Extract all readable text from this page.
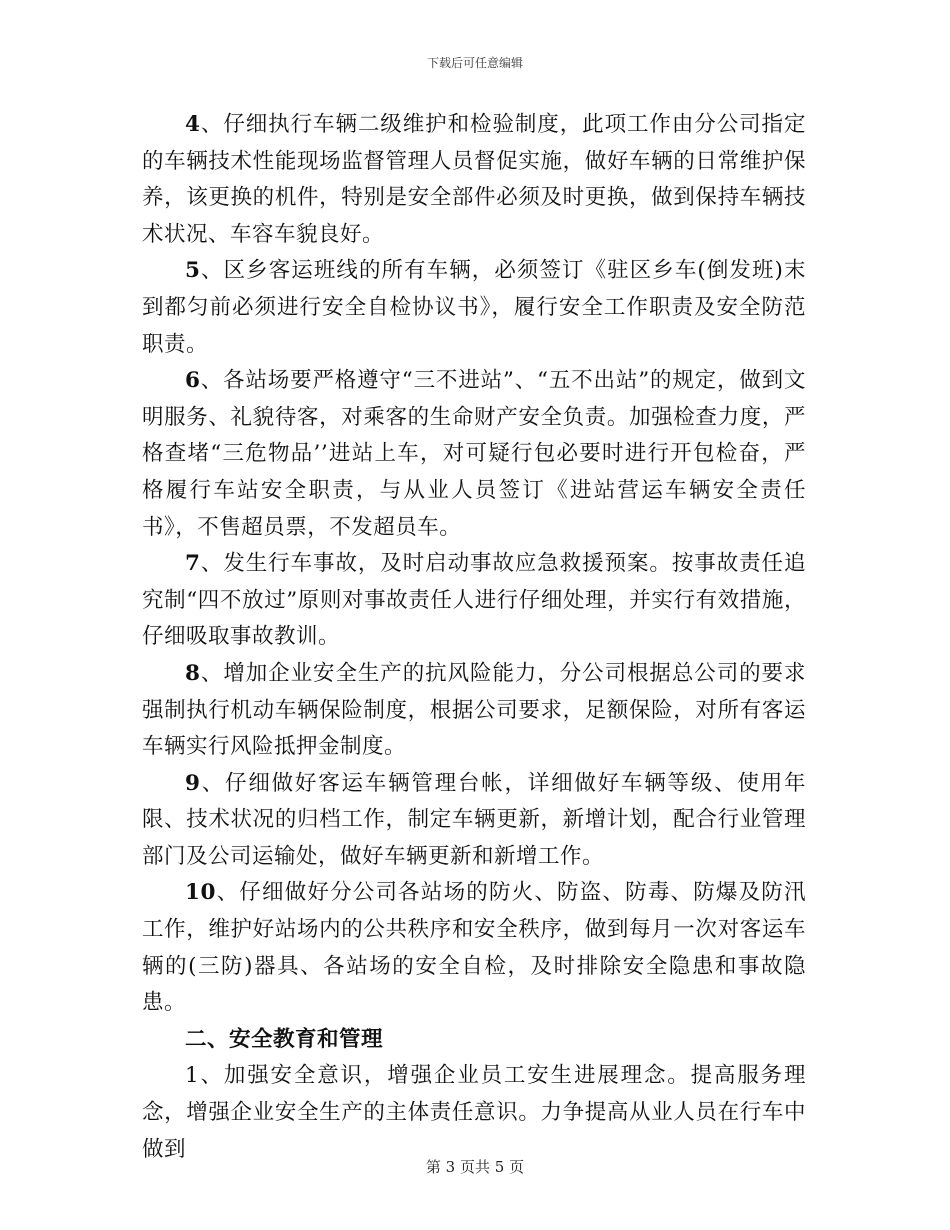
下载后可任意编辑

4、仔细执行车辆二级维护和检验制度，此项工作由分公司指定的车辆技术性能现场监督管理人员督促实施，做好车辆的日常维护保养，该更换的机件，特别是安全部件必须及时更换，做到保持车辆技术状况、车容车貌良好。

5、区乡客运班线的所有车辆，必须签订《驻区乡车(倒发班)末到都匀前必须进行安全自检协议书》，履行安全工作职责及安全防范职责。

6、各站场要严格遵守“三不进站”、“五不出站”的规定，做到文明服务、礼貌待客，对乘客的生命财产安全负责。加强检查力度，严格查堵“三危物品’’进站上车，对可疑行包必要时进行开包检奋，严格履行车站安全职责，与从业人员签订《进站营运车辆安全责任书》，不售超员票，不发超员车。

7、发生行车事故，及时启动事故应急救援预案。按事故责任追究制“四不放过”原则对事故责任人进行仔细处理，并实行有效措施，仔细吸取事故教训。

8、增加企业安全生产的抗风险能力，分公司根据总公司的要求强制执行机动车辆保险制度，根据公司要求，足额保险，对所有客运车辆实行风险抵押金制度。

9、仔细做好客运车辆管理台帐，详细做好车辆等级、使用年限、技术状况的归档工作，制定车辆更新，新增计划，配合行业管理部门及公司运输处，做好车辆更新和新增工作。

10、仔细做好分公司各站场的防火、防盗、防毒、防爆及防汛工作，维护好站场内的公共秩序和安全秩序，做到每月一次对客运车辆的(三防)器具、各站场的安全自检，及时排除安全隐患和事故隐患。

二、安全教育和管理

1、加强安全意识，增强企业员工安生进展理念。提高服务理念，增强企业安全生产的主体责任意识。力争提高从业人员在行车中做到

第 3 页共 5 页
